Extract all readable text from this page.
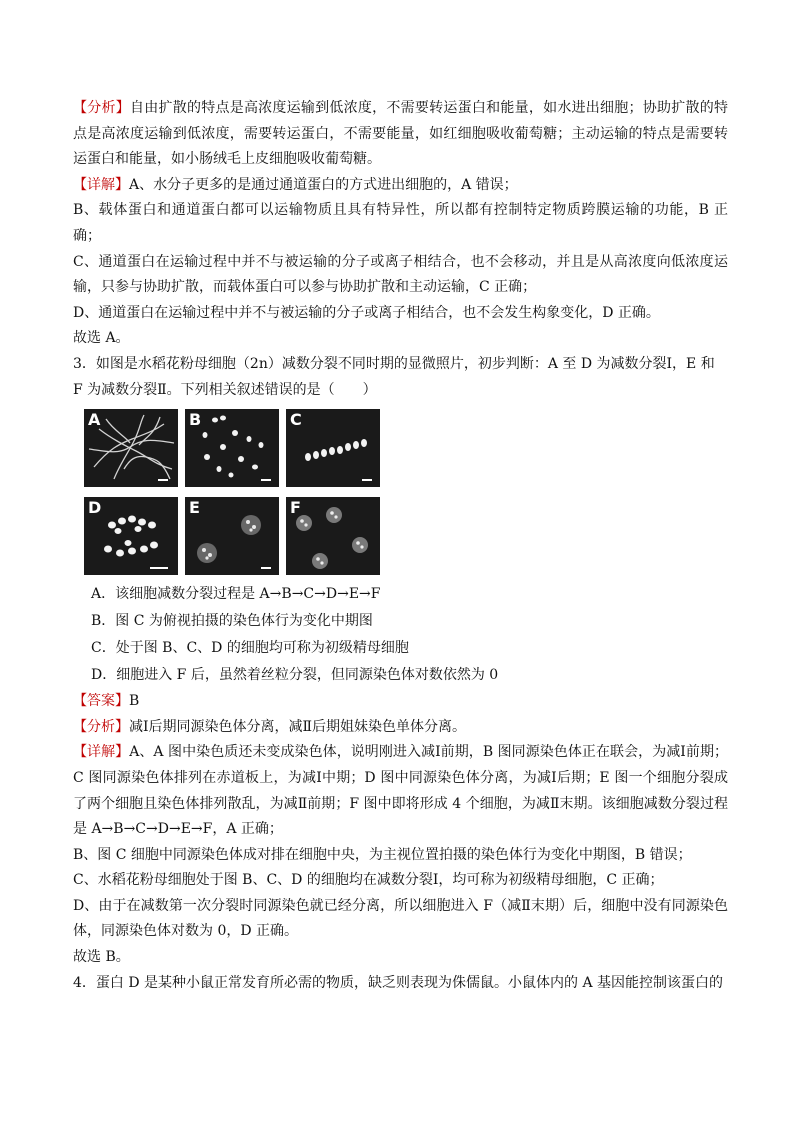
【分析】自由扩散的特点是高浓度运输到低浓度，不需要转运蛋白和能量，如水进出细胞；协助扩散的特点是高浓度运输到低浓度，需要转运蛋白，不需要能量，如红细胞吸收葡萄糖；主动运输的特点是需要转运蛋白和能量，如小肠绒毛上皮细胞吸收葡萄糖。

【详解】A、水分子更多的是通过通道蛋白的方式进出细胞的，A 错误；

B、载体蛋白和通道蛋白都可以运输物质且具有特异性，所以都有控制特定物质跨膜运输的功能，B 正确；

C、通道蛋白在运输过程中并不与被运输的分子或离子相结合，也不会移动，并且是从高浓度向低浓度运输，只参与协助扩散，而载体蛋白可以参与协助扩散和主动运输，C 正确；

D、通道蛋白在运输过程中并不与被运输的分子或离子相结合，也不会发生构象变化，D 正确。

故选 A。

3．如图是水稻花粉母细胞（2n）减数分裂不同时期的显微照片，初步判断：A 至 D 为减数分裂Ⅰ，E 和 F 为减数分裂Ⅱ。下列相关叙述错误的是（　　）

A	B	C
D	E	F

A．该细胞减数分裂过程是 A→B→C→D→E→F

B．图 C 为俯视拍摄的染色体行为变化中期图

C．处于图 B、C、D 的细胞均可称为初级精母细胞

D．细胞进入 F 后，虽然着丝粒分裂，但同源染色体对数依然为 0

【答案】B

【分析】减Ⅰ后期同源染色体分离，减Ⅱ后期姐妹染色单体分离。

【详解】A、A 图中染色质还未变成染色体，说明刚进入减Ⅰ前期，B 图同源染色体正在联会，为减Ⅰ前期；C 图同源染色体排列在赤道板上，为减Ⅰ中期；D 图中同源染色体分离，为减Ⅰ后期；E 图一个细胞分裂成了两个细胞且染色体排列散乱，为减Ⅱ前期；F 图中即将形成 4 个细胞，为减Ⅱ末期。该细胞减数分裂过程是 A→B→C→D→E→F，A 正确；

B、图 C 细胞中同源染色体成对排在细胞中央，为主视位置拍摄的染色体行为变化中期图，B 错误；

C、水稻花粉母细胞处于图 B、C、D 的细胞均在减数分裂Ⅰ，均可称为初级精母细胞，C 正确；

D、由于在减数第一次分裂时同源染色就已经分离，所以细胞进入 F（减Ⅱ末期）后，细胞中没有同源染色体，同源染色体对数为 0，D 正确。

故选 B。

4．蛋白 D 是某种小鼠正常发育所必需的物质，缺乏则表现为侏儒鼠。小鼠体内的 A 基因能控制该蛋白的
